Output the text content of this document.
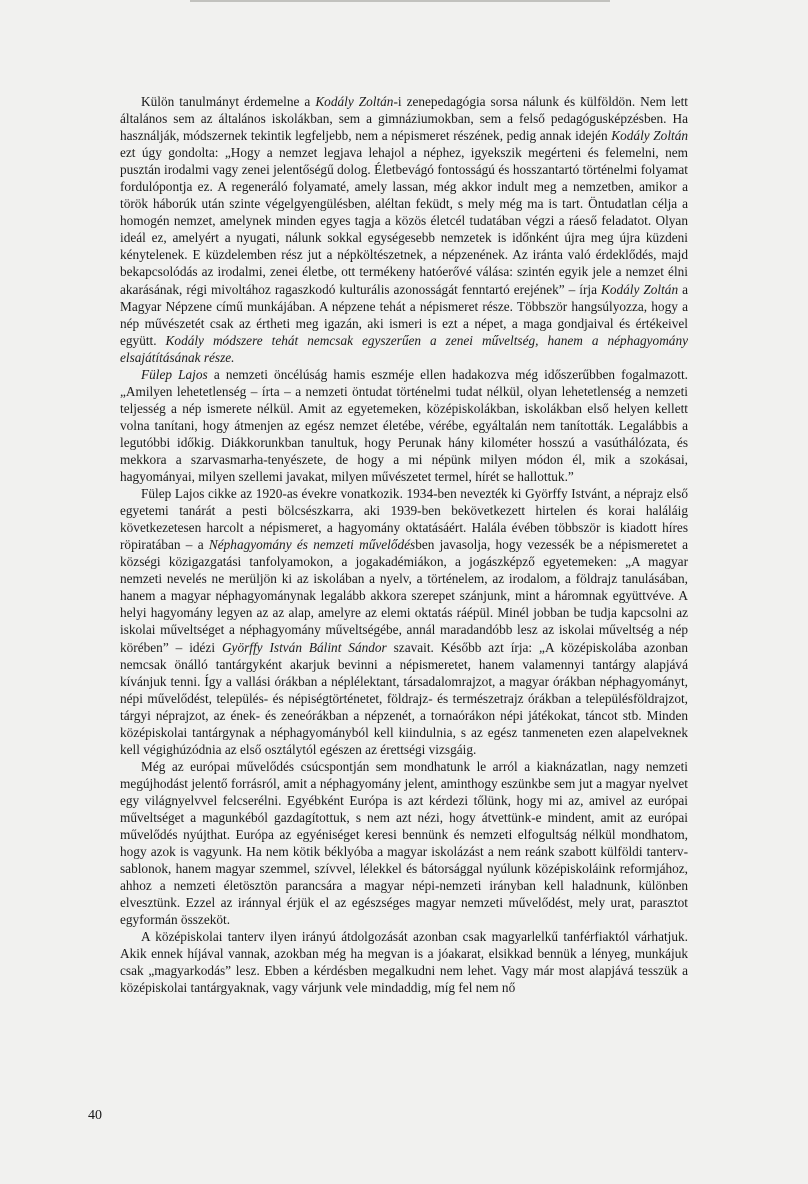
Külön tanulmányt érdemelne a Kodály Zoltán-i zenepedagógia sorsa nálunk és külföldön. Nem lett általános sem az általános iskolákban, sem a gimnáziumokban, sem a felső pedagógusképzésben. Ha használják, módszernek tekintik legfeljebb, nem a népismeret részének, pedig annak idején Kodály Zoltán ezt úgy gondolta: „Hogy a nemzet legjava lehajol a néphez, igyekszik megérteni és felemelni, nem pusztán irodalmi vagy zenei jelentőségű dolog. Életbevágó fontosságú és hosszantartó történelmi folyamat fordulópontja ez. A regeneráló folyamaté, amely lassan, még akkor indult meg a nemzetben, amikor a török háborúk után szinte végelgyengülésben, aléltan feküdt, s mely még ma is tart. Öntudatlan célja a homogén nemzet, amelynek minden egyes tagja a közös életcél tudatában végzi a ráeső feladatot. Olyan ideál ez, amelyért a nyugati, nálunk sokkal egységesebb nemzetek is időnként újra meg újra küzdeni kénytelenek. E küzdelemben rész jut a népköltészetnek, a népzenének. Az iránta való érdeklődés, majd bekapcsolódás az irodalmi, zenei életbe, ott termékeny hatóerővé válása: szintén egyik jele a nemzet élni akarásának, régi mivoltához ragaszkodó kulturális azonosságát fenntartó erejének” – írja Kodály Zoltán a Magyar Népzene című munkájában. A népzene tehát a népismeret része. Többször hangsúlyozza, hogy a nép művészetét csak az értheti meg igazán, aki ismeri is ezt a népet, a maga gondjaival és értékeivel együtt. Kodály módszere tehát nemcsak egyszerűen a zenei műveltség, hanem a néphagyomány elsajátításának része.

Fülep Lajos a nemzeti öncélúság hamis eszméje ellen hadakozva még időszerűbben fogalmazott. „Amilyen lehetetlenség – írta – a nemzeti öntudat történelmi tudat nélkül, olyan lehetetlenség a nemzeti teljesség a nép ismerete nélkül. Amit az egyetemeken, középiskolákban, iskolákban első helyen kellett volna tanítani, hogy átmenjen az egész nemzet életébe, vérébe, egyáltalán nem tanították. Legalábbis a legutóbbi időkig. Diákkorunkban tanultuk, hogy Perunak hány kilométer hosszú a vasúthálózata, és mekkora a szarvasmarha-tenyészete, de hogy a mi népünk milyen módon él, mik a szokásai, hagyományai, milyen szellemi javakat, milyen művészetet termel, hírét se hallottuk.”

Fülep Lajos cikke az 1920-as évekre vonatkozik. 1934-ben nevezték ki Györffy Istvánt, a néprajz első egyetemi tanárát a pesti bölcsészkarra, aki 1939-ben bekövetkezett hirtelen és korai haláláig következetesen harcolt a népismeret, a hagyomány oktatásáért. Halála évében többször is kiadott híres röpiratában – a Néphagyomány és nemzeti művelődésben javasolja, hogy vezessék be a népismeretet a községi közigazgatási tanfolyamokon, a jogakadémiákon, a jogászképző egyetemeken: „A magyar nemzeti nevelés ne merüljön ki az iskolában a nyelv, a történelem, az irodalom, a földrajz tanulásában, hanem a magyar néphagyománynak legalább akkora szerepet szánjunk, mint a háromnak együttvéve. A helyi hagyomány legyen az az alap, amelyre az elemi oktatás ráépül. Minél jobban be tudja kapcsolni az iskolai műveltséget a néphagyomány műveltségébe, annál maradandóbb lesz az iskolai műveltség a nép körében” – idézi Györffy István Bálint Sándor szavait. Később azt írja: „A középiskolába azonban nemcsak önálló tantárgyként akarjuk bevinni a népismeretet, hanem valamennyi tantárgy alapjává kívánjuk tenni. Így a vallási órákban a néplélektant, társadalomrajzot, a magyar órákban néphagyományt, népi művelődést, település- és népiségtörténetet, földrajz- és természetrajz órákban a településföldrajzot, tárgyi néprajzot, az ének- és zeneórákban a népzenét, a tornaórákon népi játékokat, táncot stb. Minden középiskolai tantárgynak a néphagyományból kell kiindulnia, s az egész tanmeneten ezen alapelveknek kell végighúzódnia az első osztálytól egészen az érettségi vizsgáig.

Még az európai művelődés csúcspontján sem mondhatunk le arról a kiaknázatlan, nagy nemzeti megújhodást jelentő forrásról, amit a néphagyomány jelent, aminthogy eszünkbe sem jut a magyar nyelvet egy világnyelvvel felcserélni. Egyébként Európa is azt kérdezi tőlünk, hogy mi az, amivel az európai műveltséget a magunkéból gazdagítottuk, s nem azt nézi, hogy átvettünk-e mindent, amit az európai művelődés nyújthat. Európa az egyéniséget keresi bennünk és nemzeti elfogultság nélkül mondhatom, hogy azok is vagyunk. Ha nem kötik béklyóba a magyar iskolázást a nem reánk szabott külföldi tanterv-sablonok, hanem magyar szemmel, szívvel, lélekkel és bátorsággal nyúlunk középiskoláink reformjához, ahhoz a nemzeti életösztön parancsára a magyar népi-nemzeti irányban kell haladnunk, különben elvesztünk. Ezzel az iránnyal érjük el az egészséges magyar nemzeti művelődést, mely urat, parasztot egyformán összeköt.

A középiskolai tanterv ilyen irányú átdolgozását azonban csak magyarlelkű tanférfiaktól várhatjuk. Akik ennek híjával vannak, azokban még ha megvan is a jóakarat, elsikkad bennük a lényeg, munkájuk csak „magyarkodás” lesz. Ebben a kérdésben megalkudni nem lehet. Vagy már most alapjává tesszük a középiskolai tantárgyaknak, vagy várjunk vele mindaddig, míg fel nem nő

40
